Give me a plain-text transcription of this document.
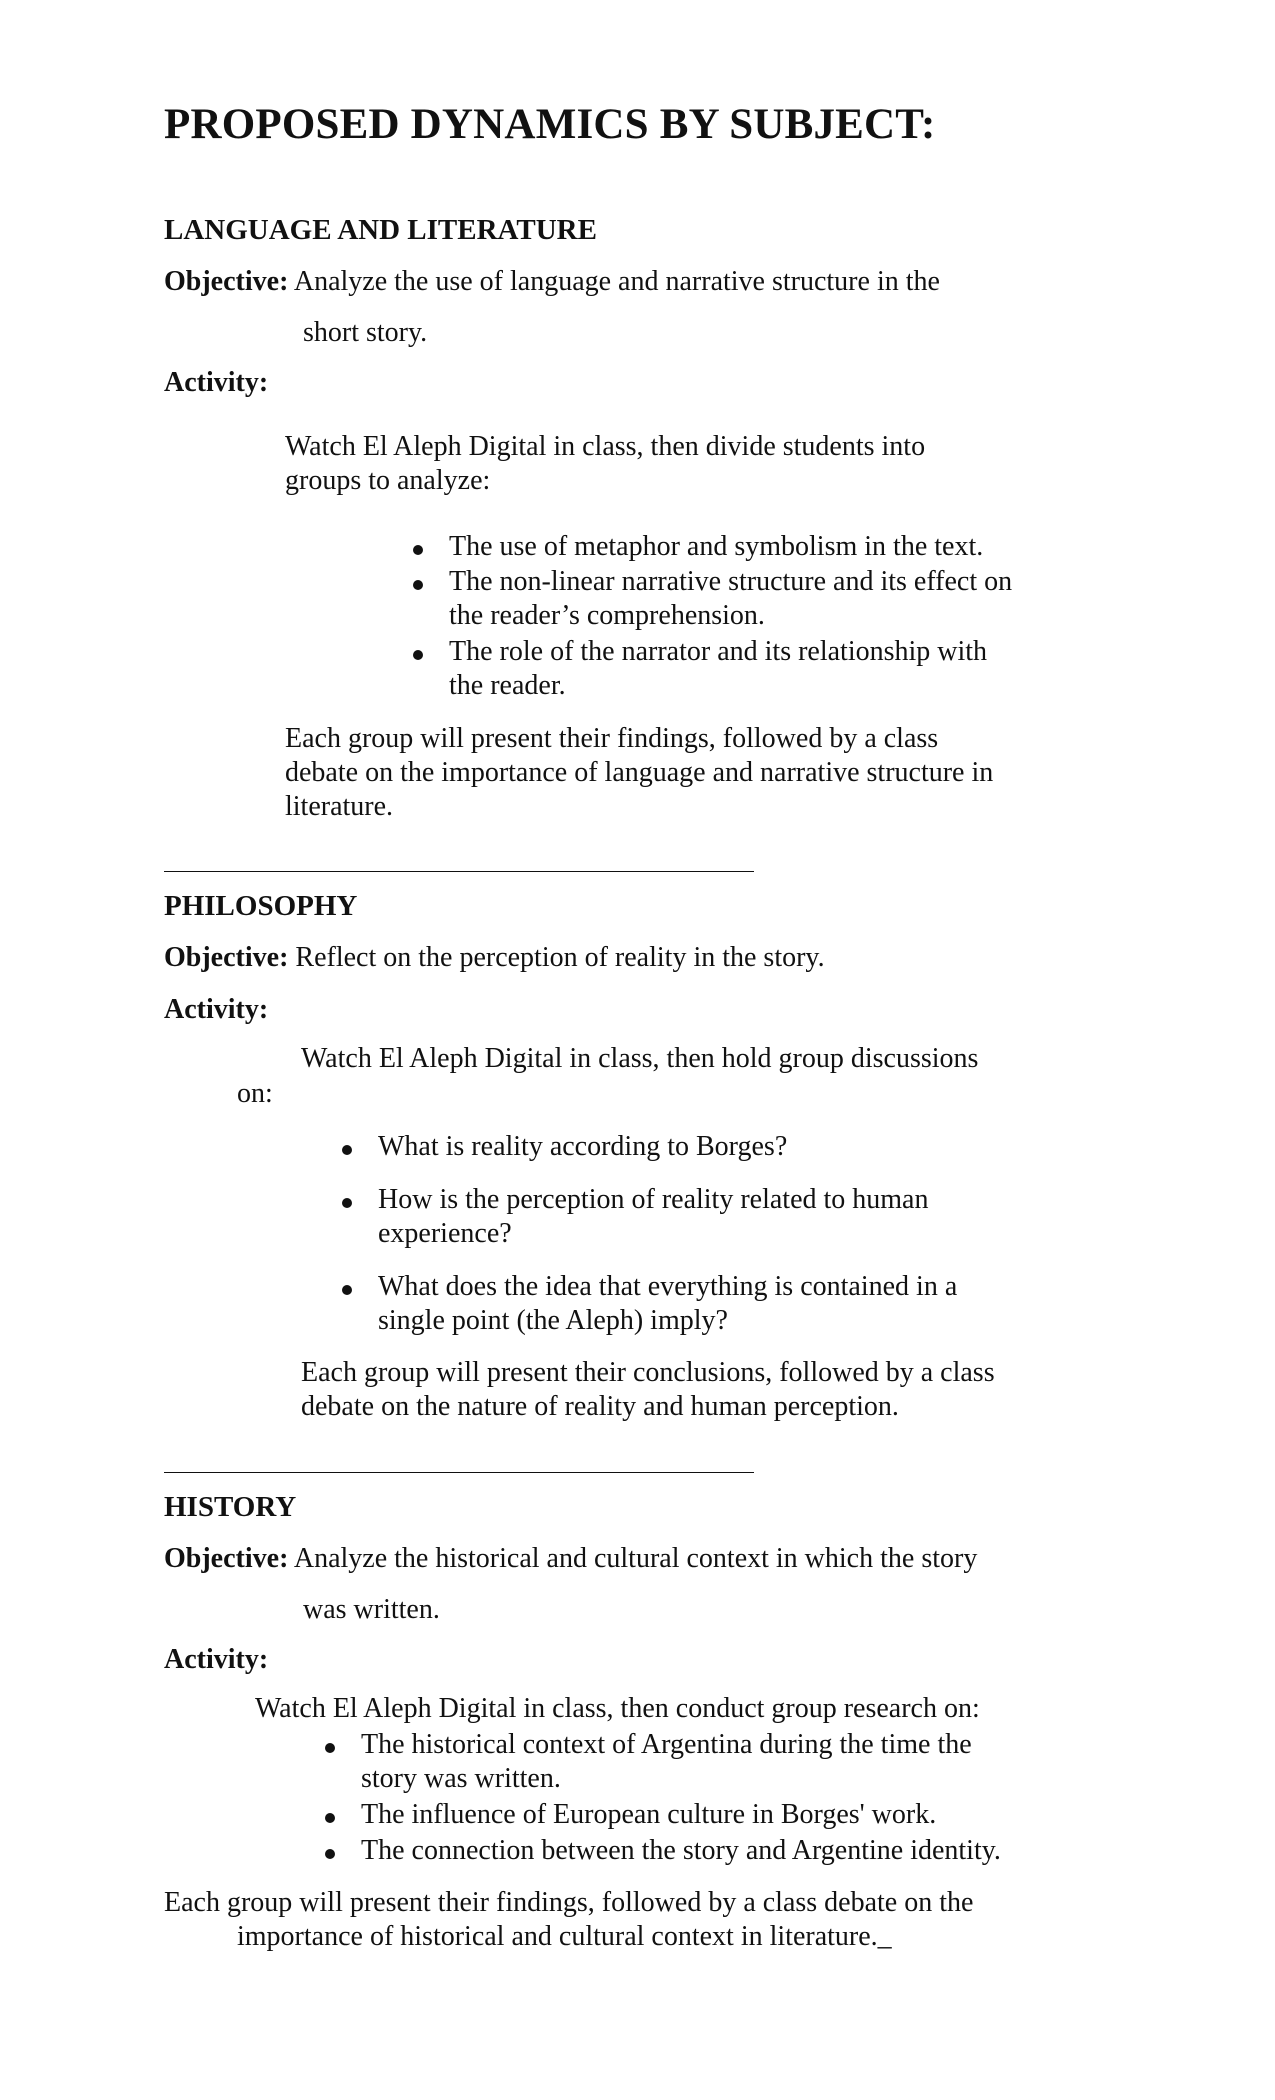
PROPOSED DYNAMICS BY SUBJECT:
LANGUAGE AND LITERATURE
Objective: Analyze the use of language and narrative structure in the
short story.
Activity:
Watch El Aleph Digital in class, then divide students into
groups to analyze:
The use of metaphor and symbolism in the text.
The non-linear narrative structure and its effect on
the reader’s comprehension.
The role of the narrator and its relationship with
the reader.
Each group will present their findings, followed by a class
debate on the importance of language and narrative structure in
literature.
PHILOSOPHY
Objective: Reflect on the perception of reality in the story.
Activity:
Watch El Aleph Digital in class, then hold group discussions
on:
What is reality according to Borges?
How is the perception of reality related to human
experience?
What does the idea that everything is contained in a
single point (the Aleph) imply?
Each group will present their conclusions, followed by a class
debate on the nature of reality and human perception.
HISTORY
Objective: Analyze the historical and cultural context in which the story
was written.
Activity:
Watch El Aleph Digital in class, then conduct group research on:
The historical context of Argentina during the time the
story was written.
The influence of European culture in Borges' work.
The connection between the story and Argentine identity.
Each group will present their findings, followed by a class debate on the
importance of historical and cultural context in literature._
